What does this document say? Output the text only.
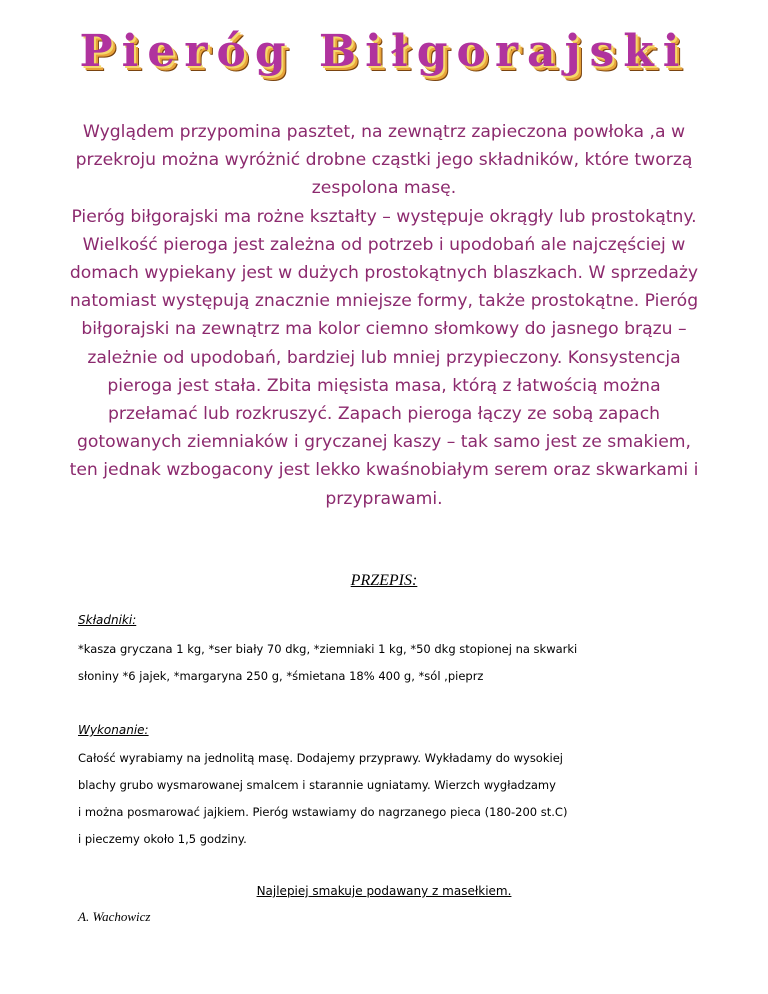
Pieróg Biłgorajski

Wyglądem przypomina pasztet, na zewnątrz zapieczona powłoka ,a w przekroju można wyróżnić drobne cząstki jego składników, które tworzą zespolona masę.

Pieróg biłgorajski ma rożne kształty – występuje okrągły lub prostokątny. Wielkość pieroga jest zależna od potrzeb i upodobań ale najczęściej w domach wypiekany jest w dużych prostokątnych blaszkach. W sprzedaży natomiast występują znacznie mniejsze formy, także prostokątne. Pieróg biłgorajski na zewnątrz ma kolor ciemno słomkowy do jasnego brązu – zależnie od upodobań, bardziej lub mniej przypieczony. Konsystencja pieroga jest stała. Zbita mięsista masa, którą z łatwością można przełamać lub rozkruszyć. Zapach pieroga łączy ze sobą zapach gotowanych ziemniaków i gryczanej kaszy – tak samo jest ze smakiem, ten jednak wzbogacony jest lekko kwaśnobiałym serem oraz skwarkami i przyprawami.

PRZEPIS:
Składniki:
*kasza gryczana 1 kg, *ser biały 70 dkg, *ziemniaki 1 kg, *50 dkg stopionej na skwarki
słoniny *6 jajek, *margaryna 250 g, *śmietana 18% 400 g, *sól ,pieprz
Wykonanie:
Całość wyrabiamy na jednolitą masę. Dodajemy przyprawy. Wykładamy do wysokiej
blachy grubo wysmarowanej smalcem i starannie ugniatamy. Wierzch wygładzamy
i można posmarować jajkiem. Pieróg wstawiamy do nagrzanego pieca (180-200 st.C)
i pieczemy około 1,5 godziny.
Najlepiej smakuje podawany z masełkiem.
A. Wachowicz
